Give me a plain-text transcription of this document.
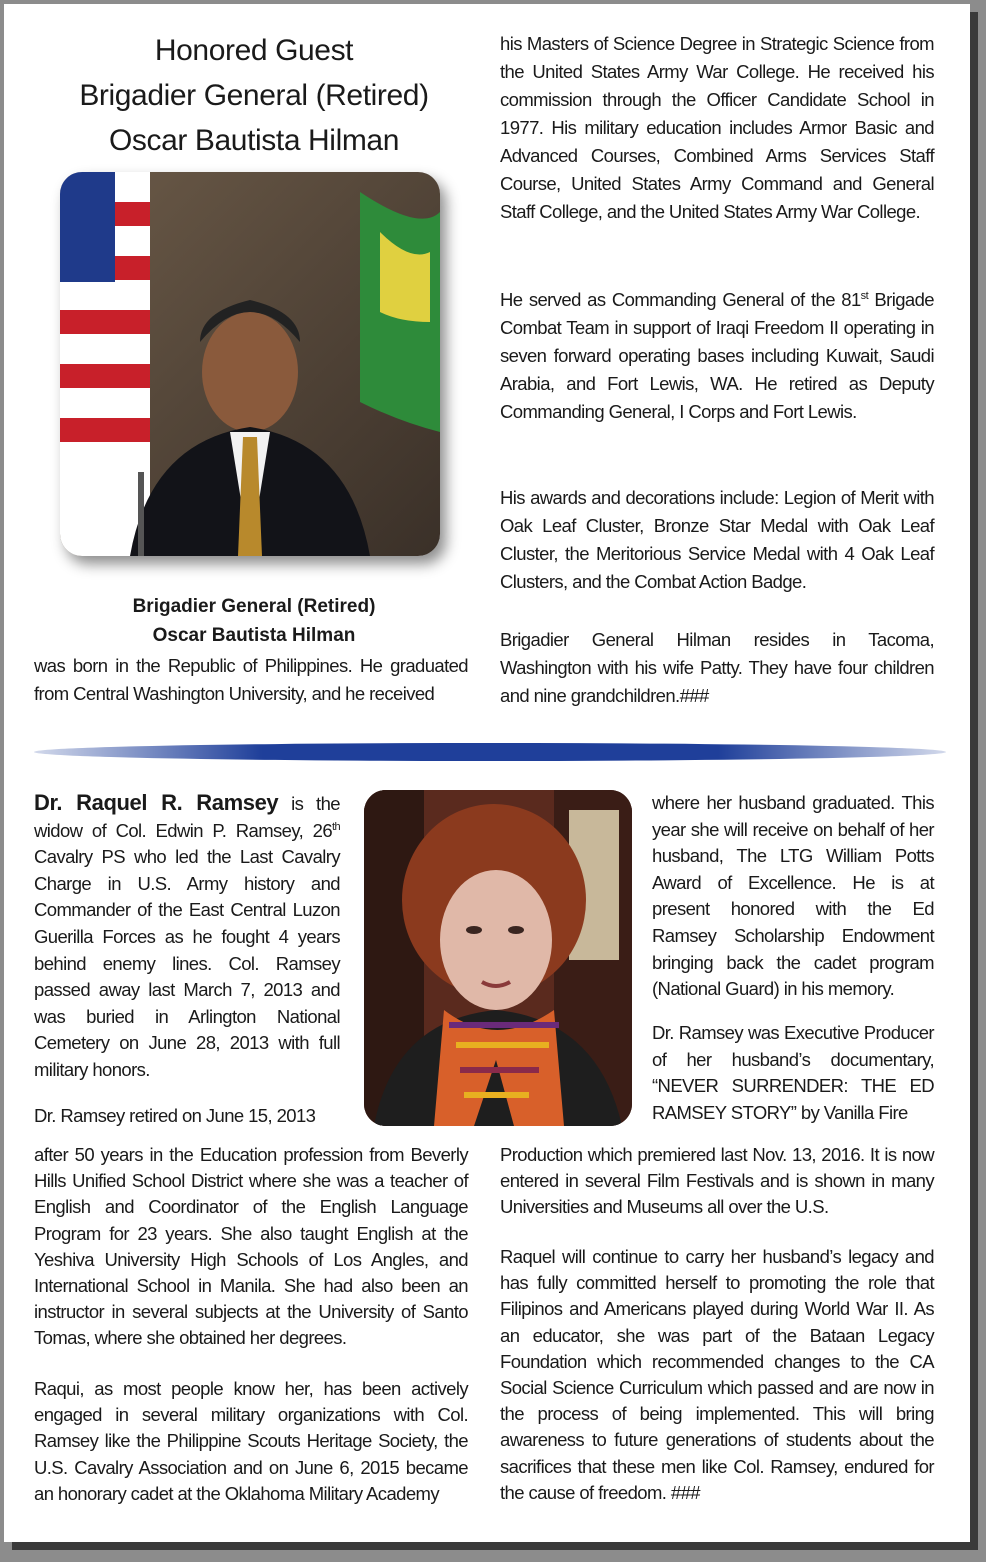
Honored Guest
Brigadier General (Retired)
Oscar Bautista Hilman
Brigadier General (Retired)
Oscar Bautista Hilman

was born in the Republic of Philippines. He graduated from Central Washington University, and he received

his Masters of Science Degree in Strategic Science from the United States Army War College. He received his commission through the Officer Candidate School in 1977. His military education includes Armor Basic and Advanced Courses, Combined Arms Services Staff Course, United States Army Command and General Staff College, and the United States Army War College.

He served as Commanding General of the 81st Brigade Combat Team in support of Iraqi Freedom II operating in seven forward operating bases including Kuwait, Saudi Arabia, and Fort Lewis, WA. He retired as Deputy Commanding General, I Corps and Fort Lewis.

His awards and decorations include: Legion of Merit with Oak Leaf Cluster, Bronze Star Medal with Oak Leaf Cluster, the Meritorious Service Medal with 4 Oak Leaf Clusters, and the Combat Action Badge.

Brigadier General Hilman resides in Tacoma, Washington with his wife Patty. They have four children and nine grandchildren.###

Dr. Raquel R. Ramsey is the widow of Col. Edwin P. Ramsey, 26th Cavalry PS who led the Last Cavalry Charge in U.S. Army history and Commander of the East Central Luzon Guerilla Forces as he fought 4 years behind enemy lines. Col. Ramsey passed away last March 7, 2013 and was buried in Arlington National Cemetery on June 28, 2013 with full military honors.

Dr. Ramsey retired on June 15, 2013

where her husband graduated. This year she will receive on behalf of her husband, The LTG William Potts Award of Excellence. He is at present honored with the Ed Ramsey Scholarship Endowment bringing back the cadet program (National Guard) in his memory.

Dr. Ramsey was Executive Producer of her husband’s documentary, “NEVER SURRENDER: THE ED RAMSEY STORY” by Vanilla Fire

after 50 years in the Education profession from Beverly Hills Unified School District where she was a teacher of English and Coordinator of the English Language Program for 23 years. She also taught English at the Yeshiva University High Schools of Los Angles, and International School in Manila. She had also been an instructor in several subjects at the University of Santo Tomas, where she obtained her degrees.

Raqui, as most people know her, has been actively engaged in several military organizations with Col. Ramsey like the Philippine Scouts Heritage Society, the U.S. Cavalry Association and on June 6, 2015 became an honorary cadet at the Oklahoma Military Academy

Production which premiered last Nov. 13, 2016. It is now entered in several Film Festivals and is shown in many Universities and Museums all over the U.S.

Raquel will continue to carry her husband’s legacy and has fully committed herself to promoting the role that Filipinos and Americans played during World War II. As an educator, she was part of the Bataan Legacy Foundation which recommended changes to the CA Social Science Curriculum which passed and are now in the process of being implemented. This will bring awareness to future generations of students about the sacrifices that these men like Col. Ramsey, endured for the cause of freedom. ###
